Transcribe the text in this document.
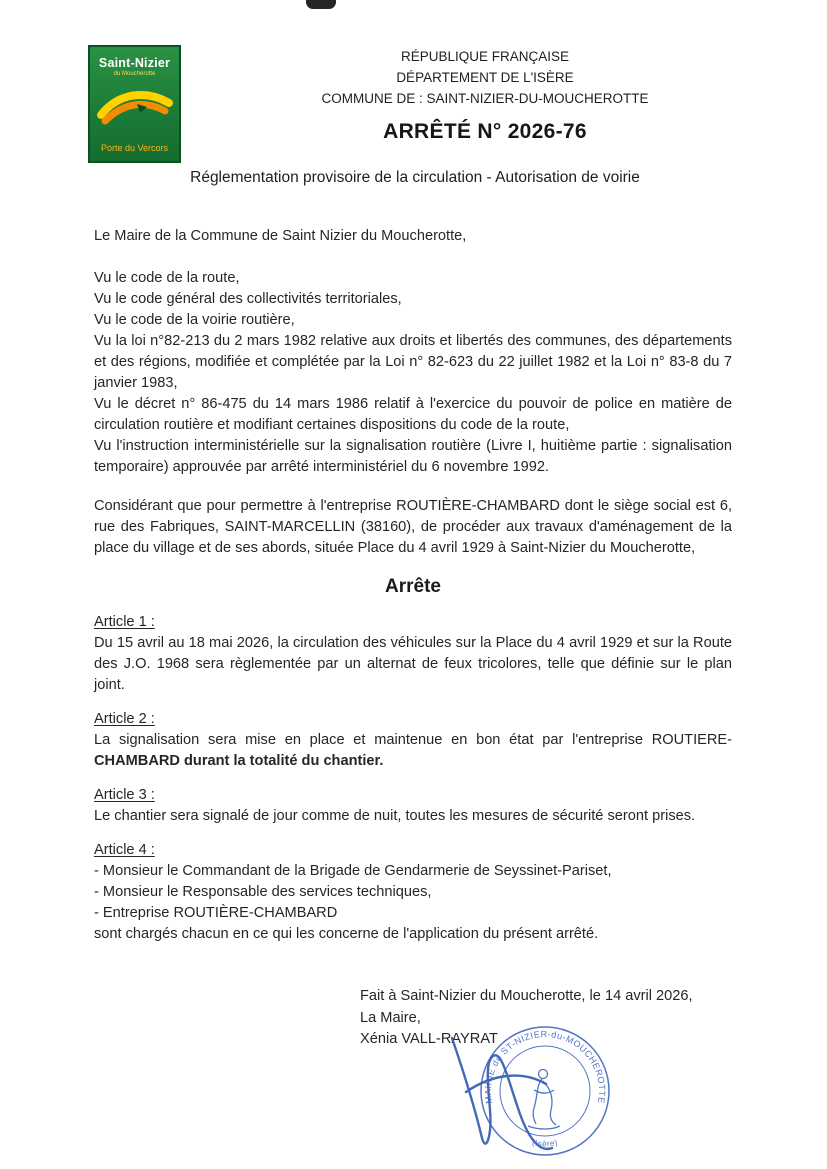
Saint-Nizier
du Moucherotte
Porte du Vercors
RÉPUBLIQUE FRANÇAISE
DÉPARTEMENT DE L'ISÈRE
COMMUNE DE : SAINT-NIZIER-DU-MOUCHEROTTE
ARRÊTÉ N° 2026-76
Réglementation provisoire de la circulation - Autorisation de voirie
Le Maire de la Commune de Saint Nizier du Moucherotte,
Vu le code de la route,
Vu le code général des collectivités territoriales,
Vu le code de la voirie routière,
Vu la loi n°82-213 du 2 mars 1982 relative aux droits et libertés des communes, des départements et des régions, modifiée et complétée par la Loi n° 82-623 du 22 juillet 1982 et la Loi n° 83-8 du 7 janvier 1983,
Vu le décret n° 86-475 du 14 mars 1986 relatif à l'exercice du pouvoir de police en matière de circulation routière et modifiant certaines dispositions du code de la route,
Vu l'instruction interministérielle sur la signalisation routière (Livre I, huitième partie : signalisation temporaire) approuvée par arrêté interministériel du 6 novembre 1992.
Considérant que pour permettre à l'entreprise ROUTIÈRE-CHAMBARD dont le siège social est 6, rue des Fabriques, SAINT-MARCELLIN (38160), de procéder aux travaux d'aménagement de la place du village et de ses abords, située Place du 4 avril 1929 à Saint-Nizier du Moucherotte,
Arrête
Article 1 :
Du 15 avril au 18 mai 2026, la circulation des véhicules sur la Place du 4 avril 1929 et sur la Route des J.O. 1968 sera règlementée par un alternat de feux tricolores, telle que définie sur le plan joint.
Article 2 :
La signalisation sera mise en place et maintenue en bon état par l'entreprise ROUTIERE-CHAMBARD durant la totalité du chantier.
Article 3 :
Le chantier sera signalé de jour comme de nuit, toutes les mesures de sécurité seront prises.
Article 4 :
- Monsieur le Commandant de la Brigade de Gendarmerie de Seyssinet-Pariset,
- Monsieur le Responsable des services techniques,
- Entreprise ROUTIÈRE-CHAMBARD
sont chargés chacun en ce qui les concerne de l'application du présent arrêté.
Fait à Saint-Nizier du Moucherotte, le 14 avril 2026,
La Maire,
Xénia VALL-RAYRAT
MAIRIE de ST-NIZIER-du-MOUCHEROTTE
(Isère)
